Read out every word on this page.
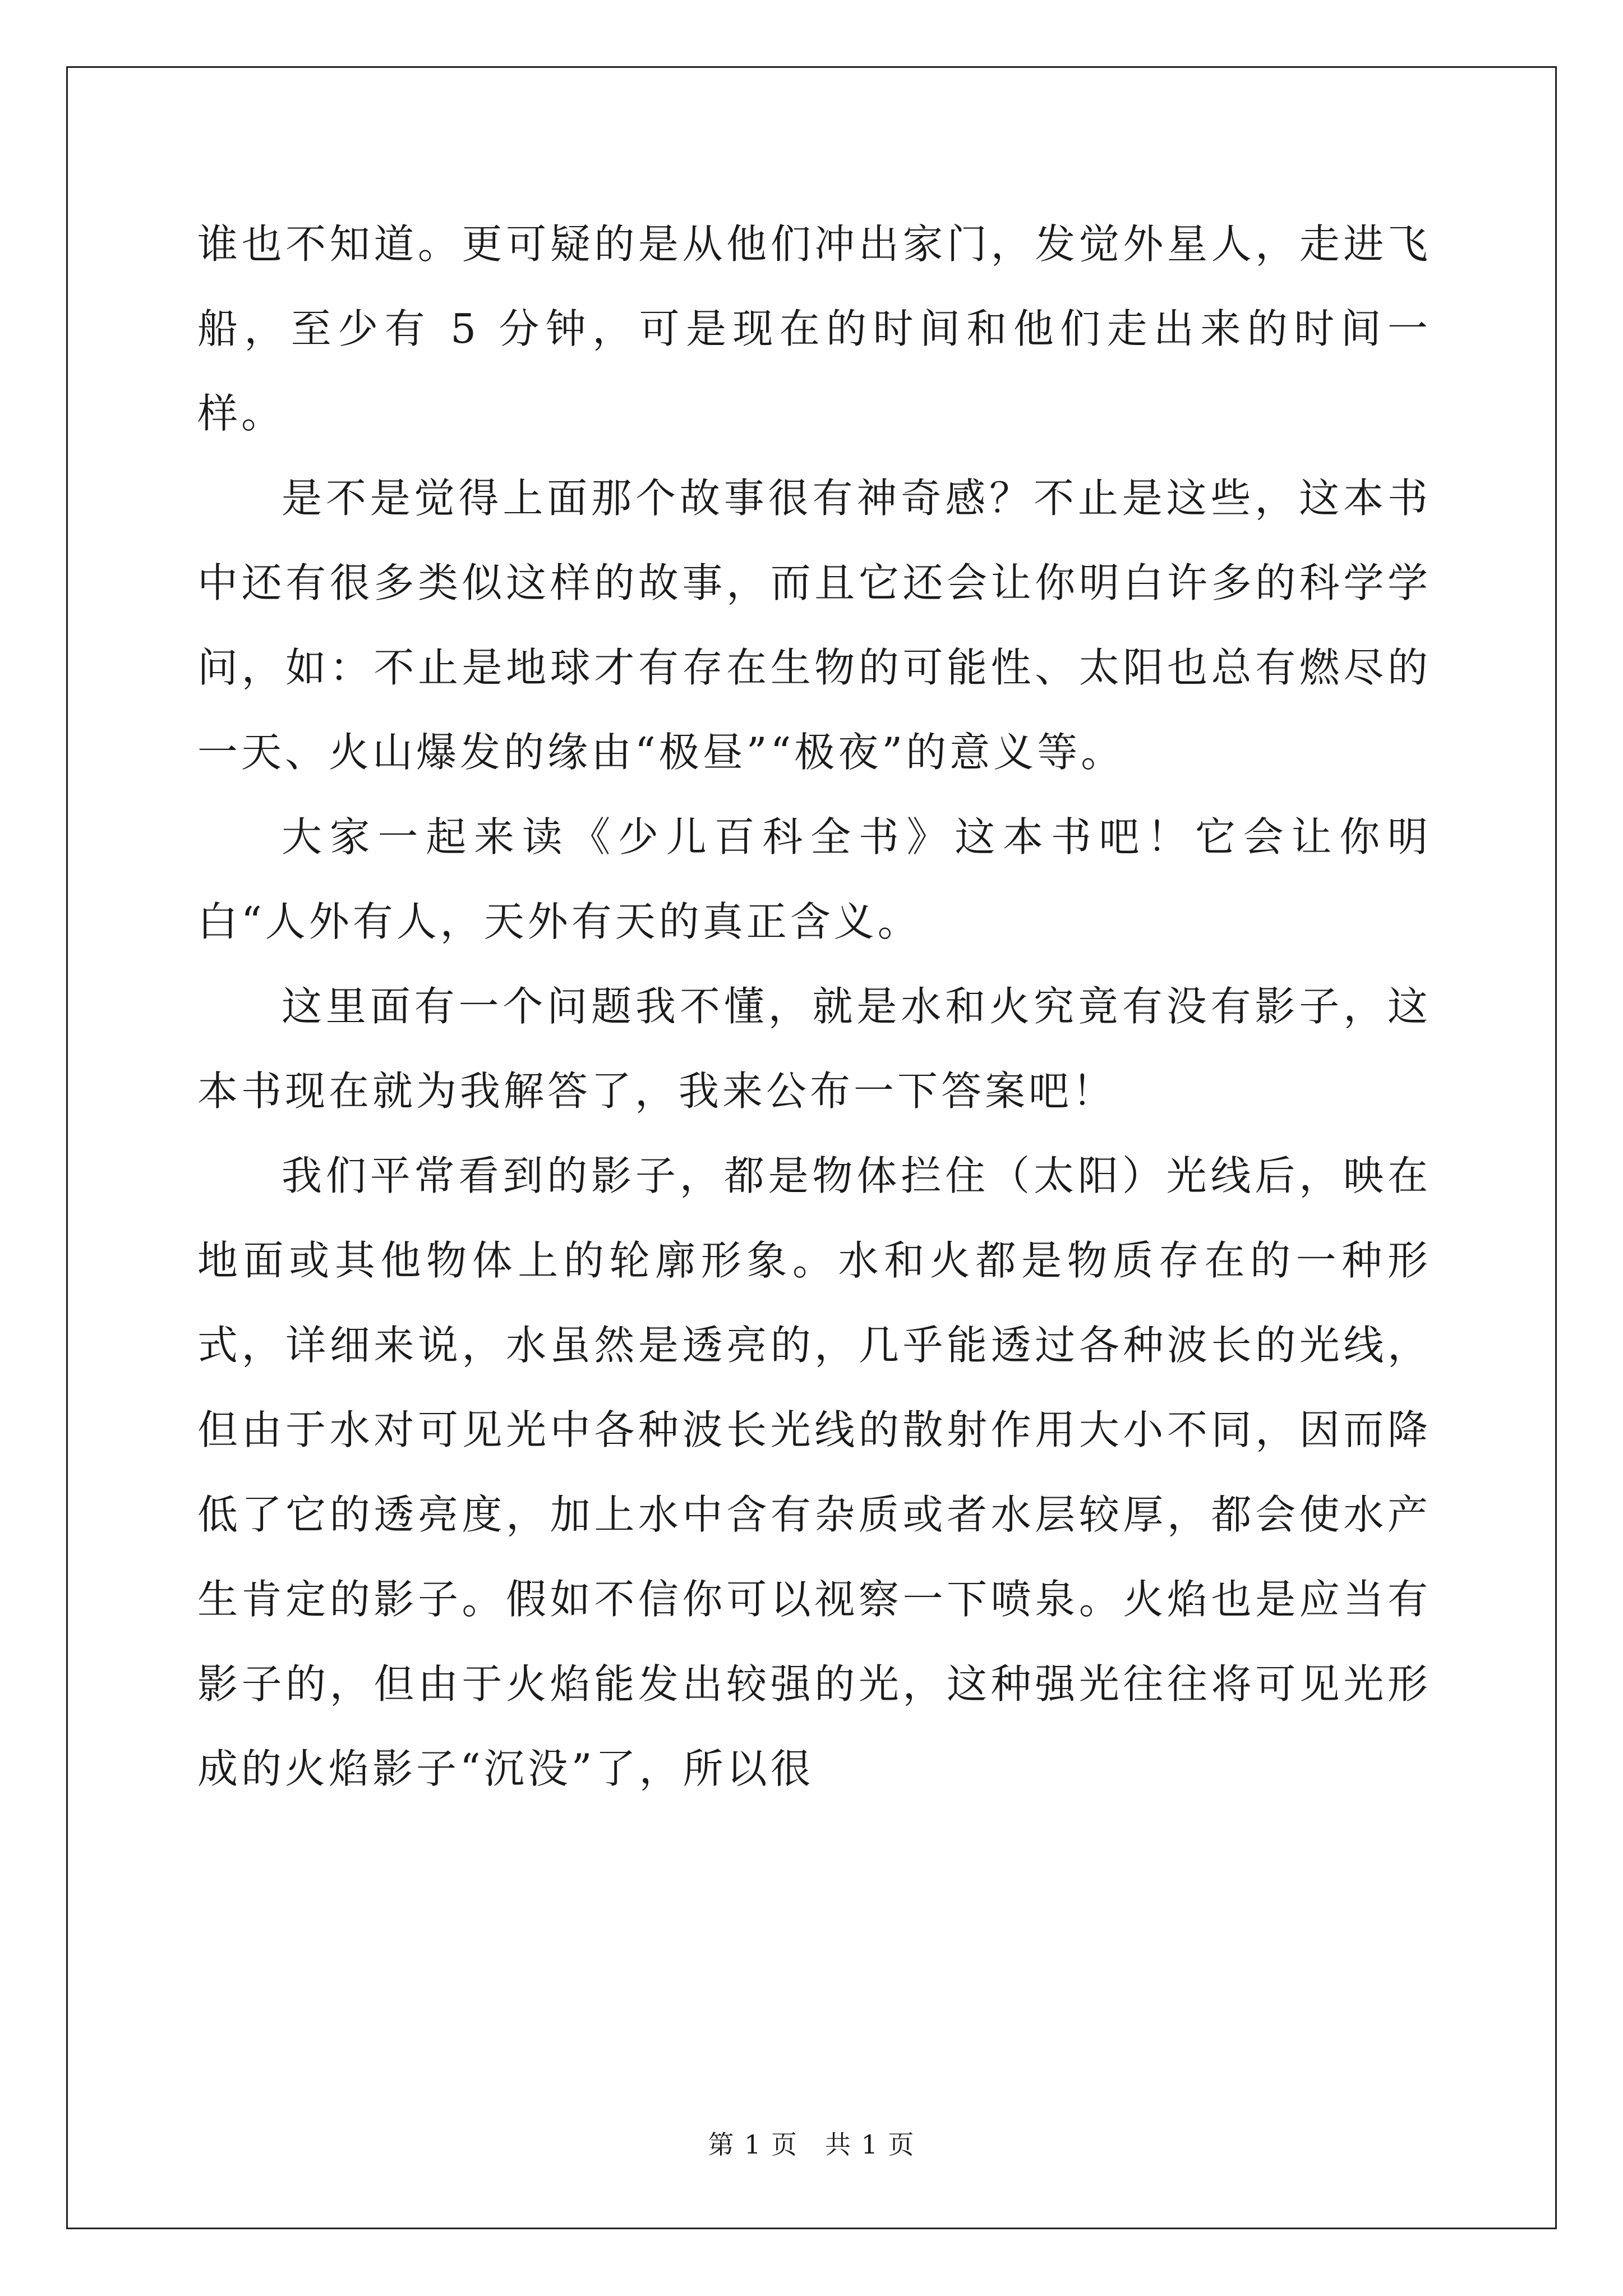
谁也不知道。更可疑的是从他们冲出家门，发觉外星人，走进飞船，至少有 5 分钟，可是现在的时间和他们走出来的时间一样。

是不是觉得上面那个故事很有神奇感？不止是这些，这本书中还有很多类似这样的故事，而且它还会让你明白许多的科学学问，如：不止是地球才有存在生物的可能性、太阳也总有燃尽的一天、火山爆发的缘由“极昼”“极夜”的意义等。

大家一起来读《少儿百科全书》这本书吧！它会让你明白“人外有人，天外有天的真正含义。

这里面有一个问题我不懂，就是水和火究竟有没有影子，这本书现在就为我解答了，我来公布一下答案吧！

我们平常看到的影子，都是物体拦住（太阳）光线后，映在地面或其他物体上的轮廓形象。水和火都是物质存在的一种形式，详细来说，水虽然是透亮的，几乎能透过各种波长的光线，但由于水对可见光中各种波长光线的散射作用大小不同，因而降低了它的透亮度，加上水中含有杂质或者水层较厚，都会使水产生肯定的影子。假如不信你可以视察一下喷泉。火焰也是应当有影子的，但由于火焰能发出较强的光，这种强光往往将可见光形成的火焰影子“沉没”了，所以很

第 1 页　共 1 页
